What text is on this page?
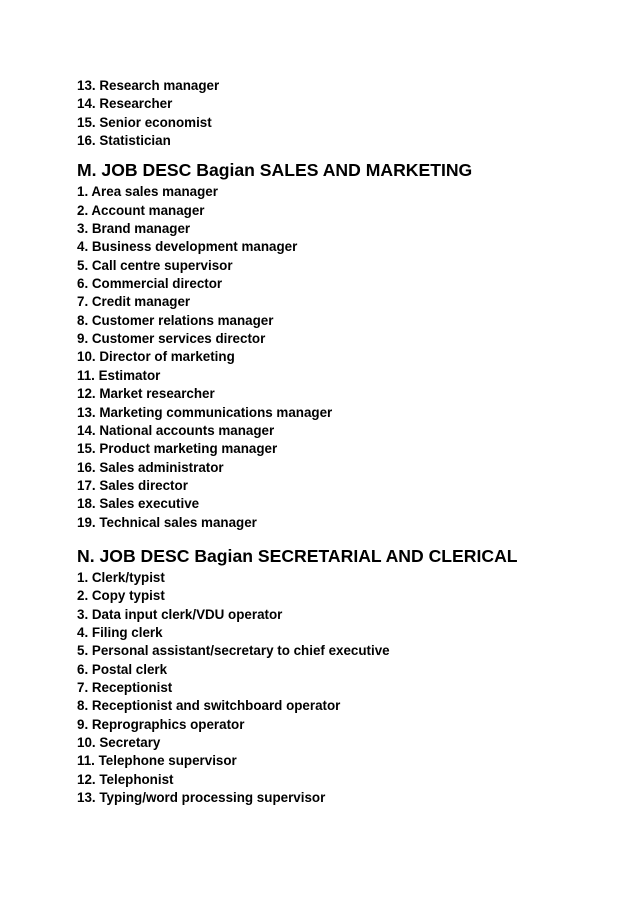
13. Research manager
14. Researcher
15. Senior economist
16. Statistician
M. JOB DESC Bagian SALES AND MARKETING
1. Area sales manager
2. Account manager
3. Brand manager
4. Business development manager
5. Call centre supervisor
6. Commercial director
7. Credit manager
8. Customer relations manager
9. Customer services director
10. Director of marketing
11. Estimator
12. Market researcher
13. Marketing communications manager
14. National accounts manager
15. Product marketing manager
16. Sales administrator
17. Sales director
18. Sales executive
19. Technical sales manager
N. JOB DESC Bagian SECRETARIAL AND CLERICAL
1. Clerk/typist
2. Copy typist
3. Data input clerk/VDU operator
4. Filing clerk
5. Personal assistant/secretary to chief executive
6. Postal clerk
7. Receptionist
8. Receptionist and switchboard operator
9. Reprographics operator
10. Secretary
11. Telephone supervisor
12. Telephonist
13. Typing/word processing supervisor
